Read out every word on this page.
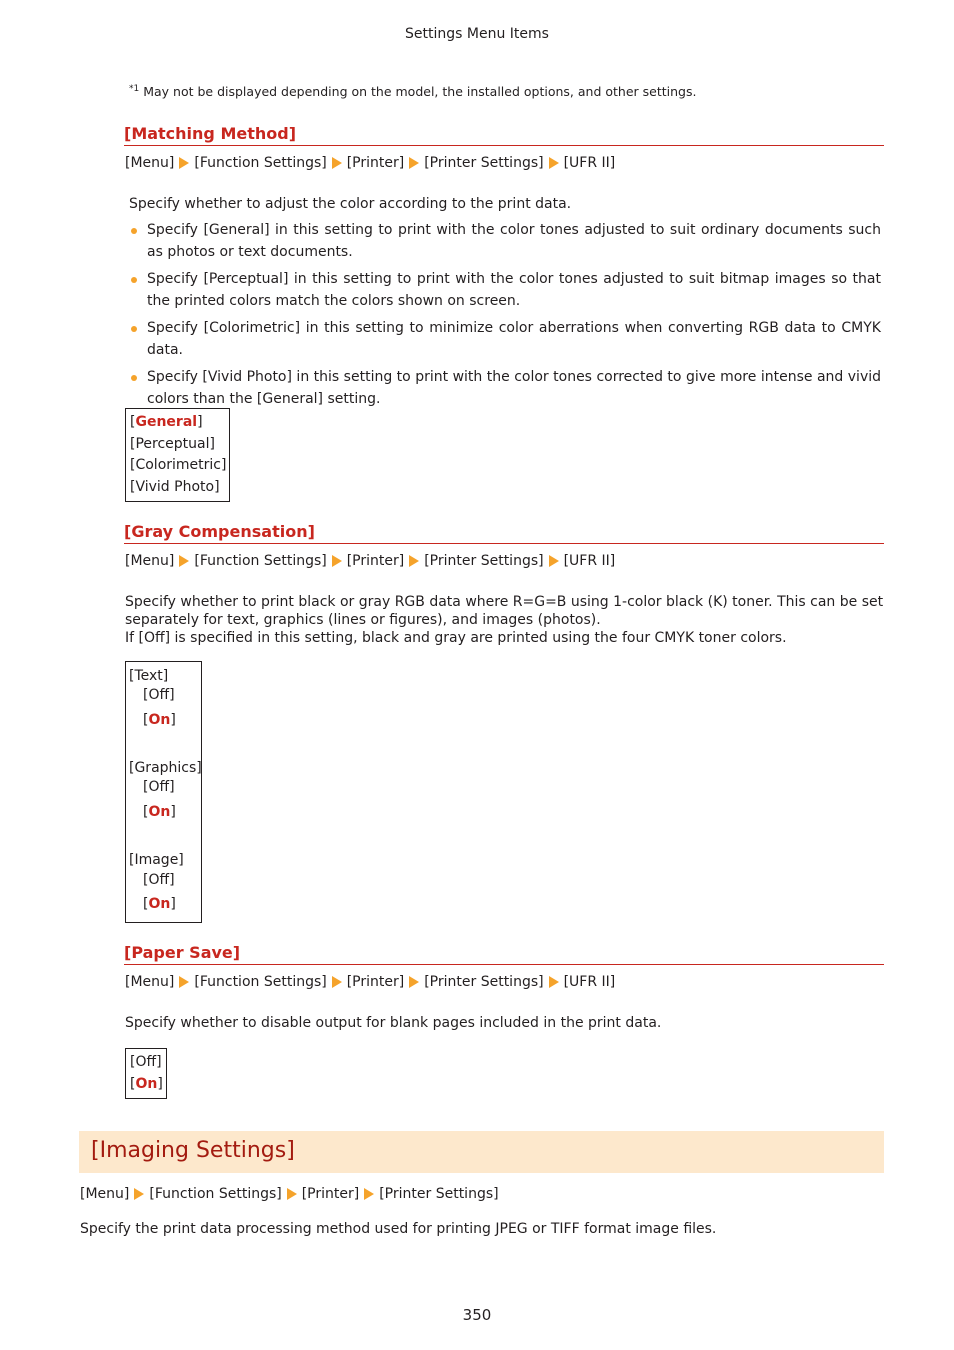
Settings Menu Items
$^{*1}$ May not be displayed depending on the model, the installed options, and other settings.
[Matching Method]
[Menu] [Function Settings] [Printer] [Printer Settings] [UFR II]
Specify whether to adjust the color according to the print data.
Specify [General] in this setting to print with the color tones adjusted to suit ordinary documents such as photos or text documents.
Specify [Perceptual] in this setting to print with the color tones adjusted to suit bitmap images so that the printed colors match the colors shown on screen.
Specify [Colorimetric] in this setting to minimize color aberrations when converting RGB data to CMYK data.
Specify [Vivid Photo] in this setting to print with the color tones corrected to give more intense and vivid colors than the [General] setting.
[General]
[Perceptual]
[Colorimetric]
[Vivid Photo]
[Gray Compensation]
[Menu] [Function Settings] [Printer] [Printer Settings] [UFR II]
Specify whether to print black or gray RGB data where R=G=B using 1-color black (K) toner. This can be set
separately for text, graphics (lines or figures), and images (photos).
If [Off] is specified in this setting, black and gray are printed using the four CMYK toner colors.
[Text]
[Off]
[On]
[Graphics]
[Off]
[On]
[Image]
[Off]
[On]
[Paper Save]
[Menu] [Function Settings] [Printer] [Printer Settings] [UFR II]
Specify whether to disable output for blank pages included in the print data.
[Off]
[On]
[Imaging Settings]
[Menu] [Function Settings] [Printer] [Printer Settings]
Specify the print data processing method used for printing JPEG or TIFF format image files.
350
